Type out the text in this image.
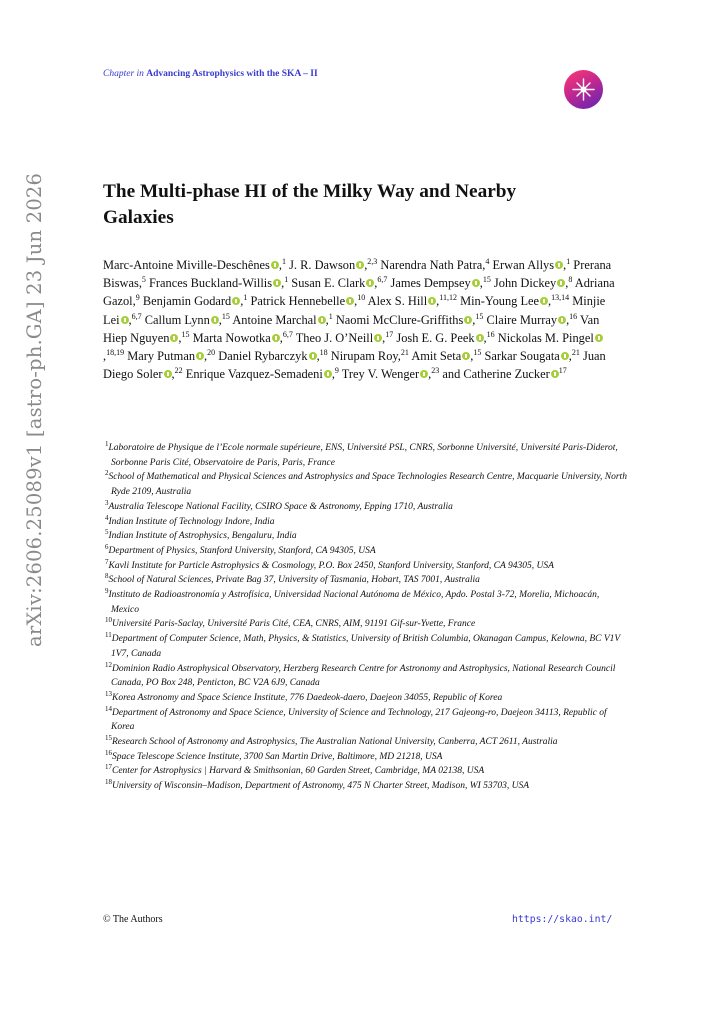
arXiv:2606.25089v1 [astro-ph.GA] 23 Jun 2026
Chapter in Advancing Astrophysics with the SKA – II
The Multi-phase HI of the Milky Way and Nearby Galaxies
Marc-Antoine Miville-Deschênes ,$^1$ J. R. Dawson ,$^{2,3}$ Narendra Nath Patra,$^4$ Erwan Allys ,$^1$ Prerana Biswas,$^5$ Frances Buckland-Willis ,$^1$ Susan E. Clark ,$^{6,7}$ James Dempsey ,$^{15}$ John Dickey ,$^8$ Adriana Gazol,$^9$ Benjamin Godard ,$^1$ Patrick Hennebelle ,$^{10}$ Alex S. Hill ,$^{11,12}$ Min-Young Lee ,$^{13,14}$ Minjie Lei ,$^{6,7}$ Callum Lynn ,$^{15}$ Antoine Marchal ,$^1$ Naomi McClure-Griffiths ,$^{15}$ Claire Murray ,$^{16}$ Van Hiep Nguyen ,$^{15}$ Marta Nowotka ,$^{6,7}$ Theo J. O’Neill ,$^{17}$ Josh E. G. Peek ,$^{16}$ Nickolas M. Pingel,$^{18,19}$ Mary Putman ,$^{20}$ Daniel Rybarczyk ,$^{18}$ Nirupam Roy,$^{21}$ Amit Seta ,$^{15}$ Sarkar Sougata ,$^{21}$ Juan Diego Soler ,$^{22}$ Enrique Vazquez-Semadeni ,$^9$ Trey V. Wenger ,$^{23}$ and Catherine Zucker $^{17}$
$^1$Laboratoire de Physique de l’Ecole normale supérieure, ENS, Université PSL, CNRS, Sorbonne Université, Université Paris-Diderot, Sorbonne Paris Cité, Observatoire de Paris, Paris, France
$^2$School of Mathematical and Physical Sciences and Astrophysics and Space Technologies Research Centre, Macquarie University, North Ryde 2109, Australia
$^3$Australia Telescope National Facility, CSIRO Space & Astronomy, Epping 1710, Australia
$^4$Indian Institute of Technology Indore, India
$^5$Indian Institute of Astrophysics, Bengaluru, India
$^6$Department of Physics, Stanford University, Stanford, CA 94305, USA
$^7$Kavli Institute for Particle Astrophysics & Cosmology, P.O. Box 2450, Stanford University, Stanford, CA 94305, USA
$^8$School of Natural Sciences, Private Bag 37, University of Tasmania, Hobart, TAS 7001, Australia
$^9$Instituto de Radioastronomía y Astrofísica, Universidad Nacional Autónoma de México, Apdo. Postal 3-72, Morelia, Michoacán, Mexico
$^{10}$Université Paris-Saclay, Université Paris Cité, CEA, CNRS, AIM, 91191 Gif-sur-Yvette, France
$^{11}$Department of Computer Science, Math, Physics, & Statistics, University of British Columbia, Okanagan Campus, Kelowna, BC V1V 1V7, Canada
$^{12}$Dominion Radio Astrophysical Observatory, Herzberg Research Centre for Astronomy and Astrophysics, National Research Council Canada, PO Box 248, Penticton, BC V2A 6J9, Canada
$^{13}$Korea Astronomy and Space Science Institute, 776 Daedeok-daero, Daejeon 34055, Republic of Korea
$^{14}$Department of Astronomy and Space Science, University of Science and Technology, 217 Gajeong-ro, Daejeon 34113, Republic of Korea
$^{15}$Research School of Astronomy and Astrophysics, The Australian National University, Canberra, ACT 2611, Australia
$^{16}$Space Telescope Science Institute, 3700 San Martin Drive, Baltimore, MD 21218, USA
$^{17}$Center for Astrophysics | Harvard & Smithsonian, 60 Garden Street, Cambridge, MA 02138, USA
$^{18}$University of Wisconsin–Madison, Department of Astronomy, 475 N Charter Street, Madison, WI 53703, USA
© The Authors	https://skao.int/
